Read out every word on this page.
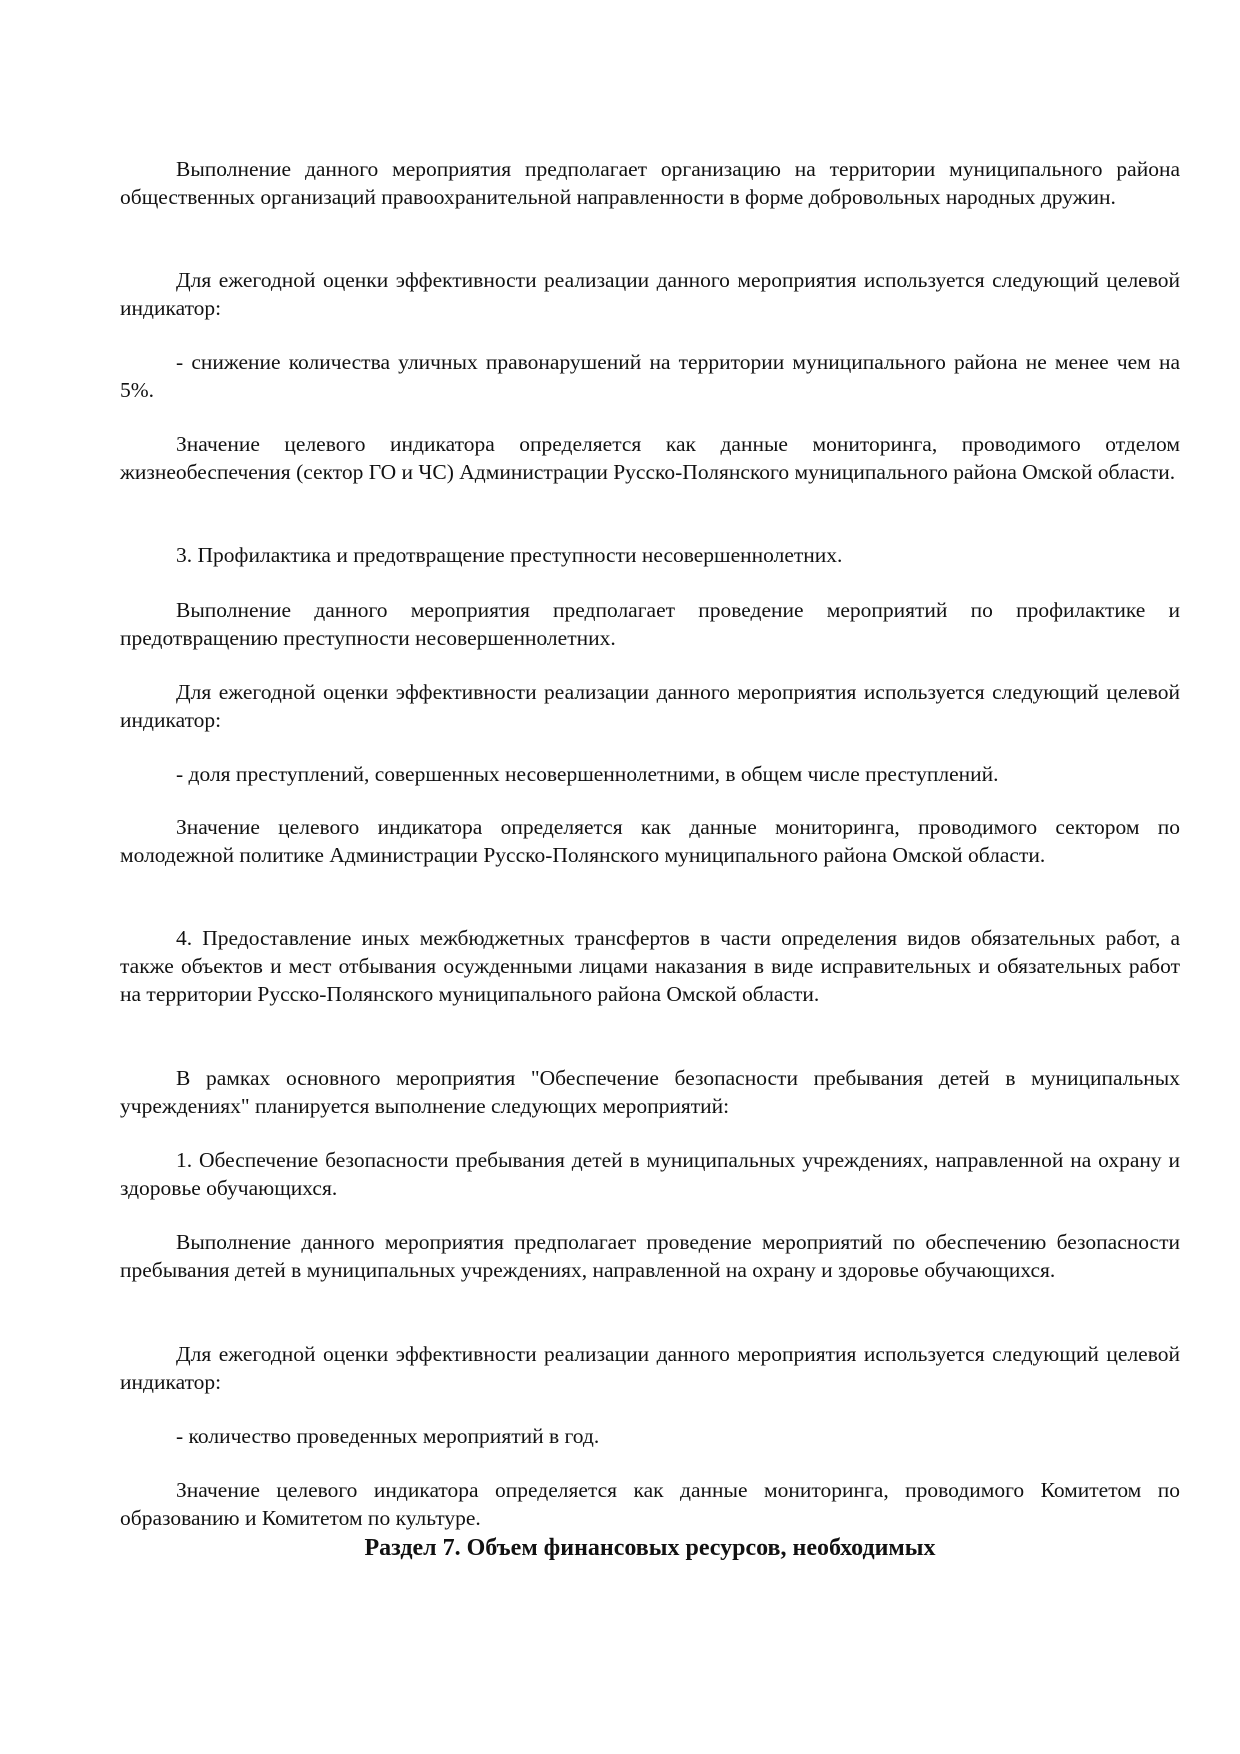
Выполнение данного мероприятия предполагает организацию на территории муниципального района общественных организаций правоохранительной направленности в форме добровольных народных дружин.

Для ежегодной оценки эффективности реализации данного мероприятия используется следующий целевой индикатор:

- снижение количества уличных правонарушений на территории муниципального района не менее чем на 5%.

Значение целевого индикатора определяется как данные мониторинга, проводимого отделом жизнеобеспечения (сектор ГО и ЧС) Администрации Русско-Полянского муниципального района Омской области.

3. Профилактика и предотвращение преступности несовершеннолетних.

Выполнение данного мероприятия предполагает проведение мероприятий по профилактике и предотвращению преступности несовершеннолетних.

Для ежегодной оценки эффективности реализации данного мероприятия используется следующий целевой индикатор:

- доля преступлений, совершенных несовершеннолетними, в общем числе преступлений.

Значение целевого индикатора определяется как данные мониторинга, проводимого сектором по молодежной политике Администрации Русско-Полянского муниципального района Омской области.

4. Предоставление иных межбюджетных трансфертов в части определения видов обязательных работ, а также объектов и мест отбывания осужденными лицами наказания в виде исправительных и обязательных работ на территории Русско-Полянского муниципального района Омской области.

В рамках основного мероприятия "Обеспечение безопасности пребывания детей в муниципальных учреждениях" планируется выполнение следующих мероприятий:

1. Обеспечение безопасности пребывания детей в муниципальных учреждениях, направленной на охрану и здоровье обучающихся.

Выполнение данного мероприятия предполагает проведение мероприятий по обеспечению безопасности пребывания детей в муниципальных учреждениях, направленной на охрану и здоровье обучающихся.

Для ежегодной оценки эффективности реализации данного мероприятия используется следующий целевой индикатор:

- количество проведенных мероприятий в год.

Значение целевого индикатора определяется как данные мониторинга, проводимого Комитетом по образованию и Комитетом по культуре.

Раздел 7. Объем финансовых ресурсов, необходимых
